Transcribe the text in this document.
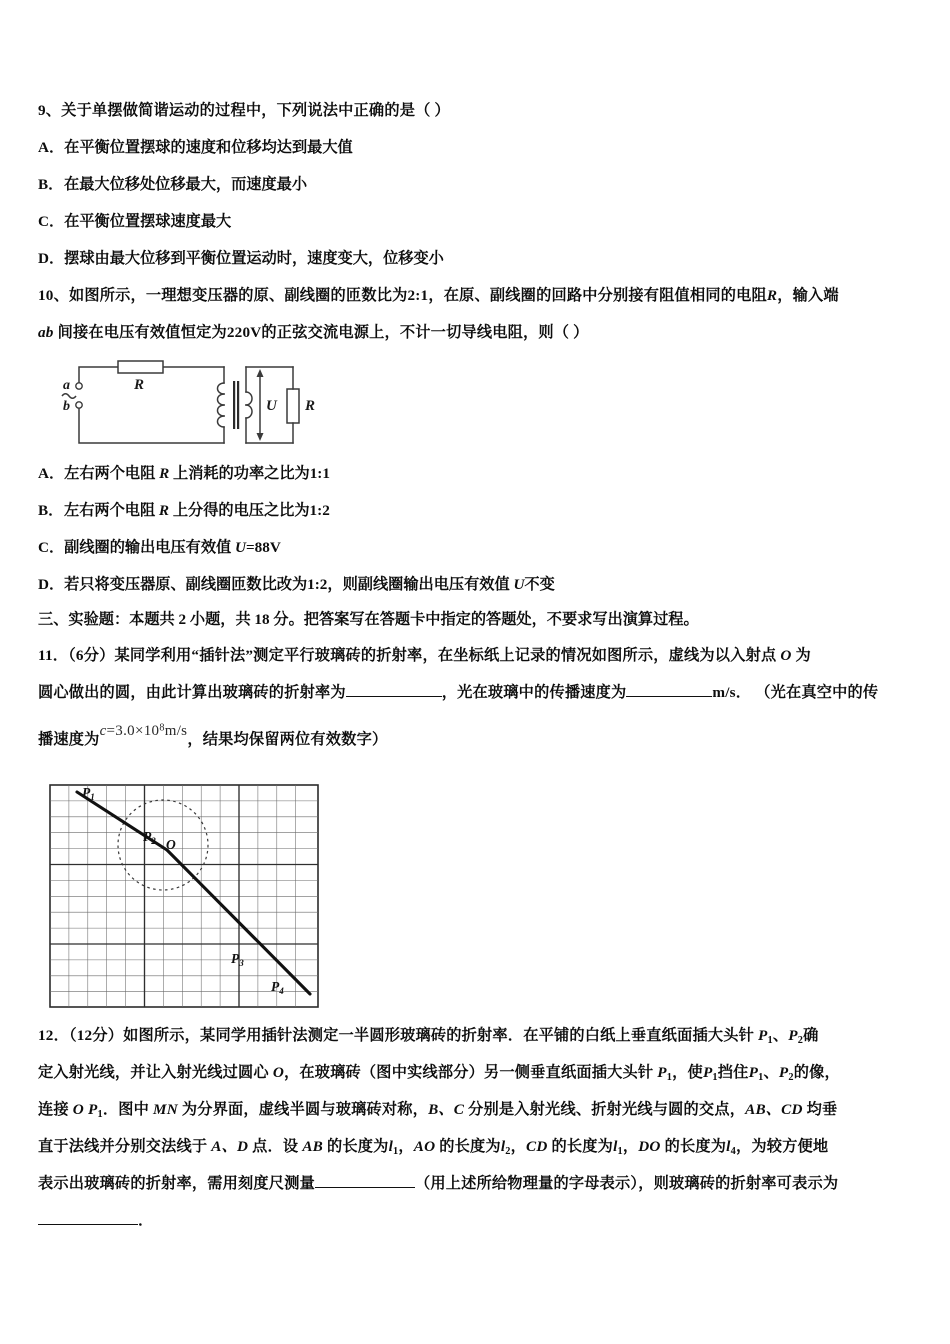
9、关于单摆做简谐运动的过程中，下列说法中正确的是（ ）
A．在平衡位置摆球的速度和位移均达到最大值
B．在最大位移处位移最大，而速度最小
C．在平衡位置摆球速度最大
D．摆球由最大位移到平衡位置运动时，速度变大，位移变小
10、如图所示，一理想变压器的原、副线圈的匝数比为2:1，在原、副线圈的回路中分别接有阻值相同的电阻R，输入端
ab 间接在电压有效值恒定为220V的正弦交流电源上，不计一切导线电阻，则（ ）
a
b
R
U R
A．左右两个电阻 R 上消耗的功率之比为1:1
B．左右两个电阻 R 上分得的电压之比为1:2
C．副线圈的输出电压有效值 U=88V
D．若只将变压器原、副线圈匝数比改为1:2，则副线圈输出电压有效值 U不变
三、实验题：本题共 2 小题，共 18 分。把答案写在答题卡中指定的答题处，不要求写出演算过程。
11．（6分）某同学利用“插针法”测定平行玻璃砖的折射率，在坐标纸上记录的情况如图所示，虚线为以入射点 O 为
圆心做出的圆，由此计算出玻璃砖的折射率为	，光在玻璃中的传播速度为	m/s． （光在真空中的传
播速度为$c=3.0\times 10^8m/s$，结果均保留两位有效数字）
$P_1$
$P_2$ O
$P_3$
$P_4$
12．（12分）如图所示，某同学用插针法测定一半圆形玻璃砖的折射率．在平铺的白纸上垂直纸面插大头针 $P_1$、$P_2$确
定入射光线，并让入射光线过圆心 O，在玻璃砖（图中实线部分）另一侧垂直纸面插大头针 $P_1$，使$P_1$挡住$P_1$、$P_2$的像，
连接 O $P_1$．图中 MN 为分界面，虚线半圆与玻璃砖对称，B、C 分别是入射光线、折射光线与圆的交点，AB、CD 均垂
直于法线并分别交法线于 A、D 点．设 AB 的长度为$l_1$，AO 的长度为$l_2$，CD 的长度为$l_1$，DO 的长度为$l_4$，为较方便地
表示出玻璃砖的折射率，需用刻度尺测量	（用上述所给物理量的字母表示），则玻璃砖的折射率可表示为
．
